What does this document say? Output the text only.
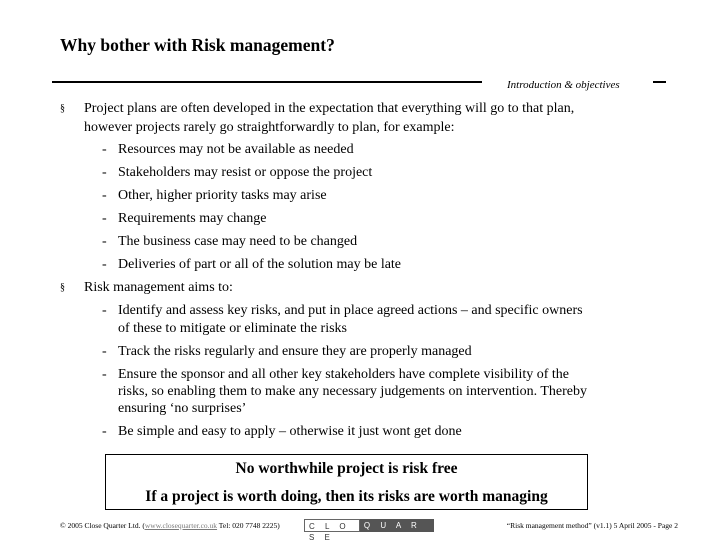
Why bother with Risk management?
Introduction & objectives
§ Project plans are often developed in the expectation that everything will go to that plan,
however projects rarely go straightforwardly to plan, for example:
- Resources may not be available as needed
- Stakeholders may resist or oppose the project
- Other, higher priority tasks may arise
- Requirements may change
- The business case may need to be changed
- Deliveries of part or all of the solution may be late
§ Risk management aims to:
- Identify and assess key risks, and put in place agreed actions – and specific owners
of these to mitigate or eliminate the risks
- Track the risks regularly and ensure they are properly managed
- Ensure the sponsor and all other key stakeholders have complete visibility of the
risks, so enabling them to make any necessary judgements on intervention. Thereby
ensuring ‘no surprises’
- Be simple and easy to apply – otherwise it just wont get done
No worthwhile project is risk free
If a project is worth doing, then its risks are worth managing
© 2005 Close Quarter Ltd. (www.closequarter.co.uk Tel: 020 7748 2225)	C L O S E
Q U A R T E R
“Risk management method” (v1.1) 5 April 2005 - Page 2
